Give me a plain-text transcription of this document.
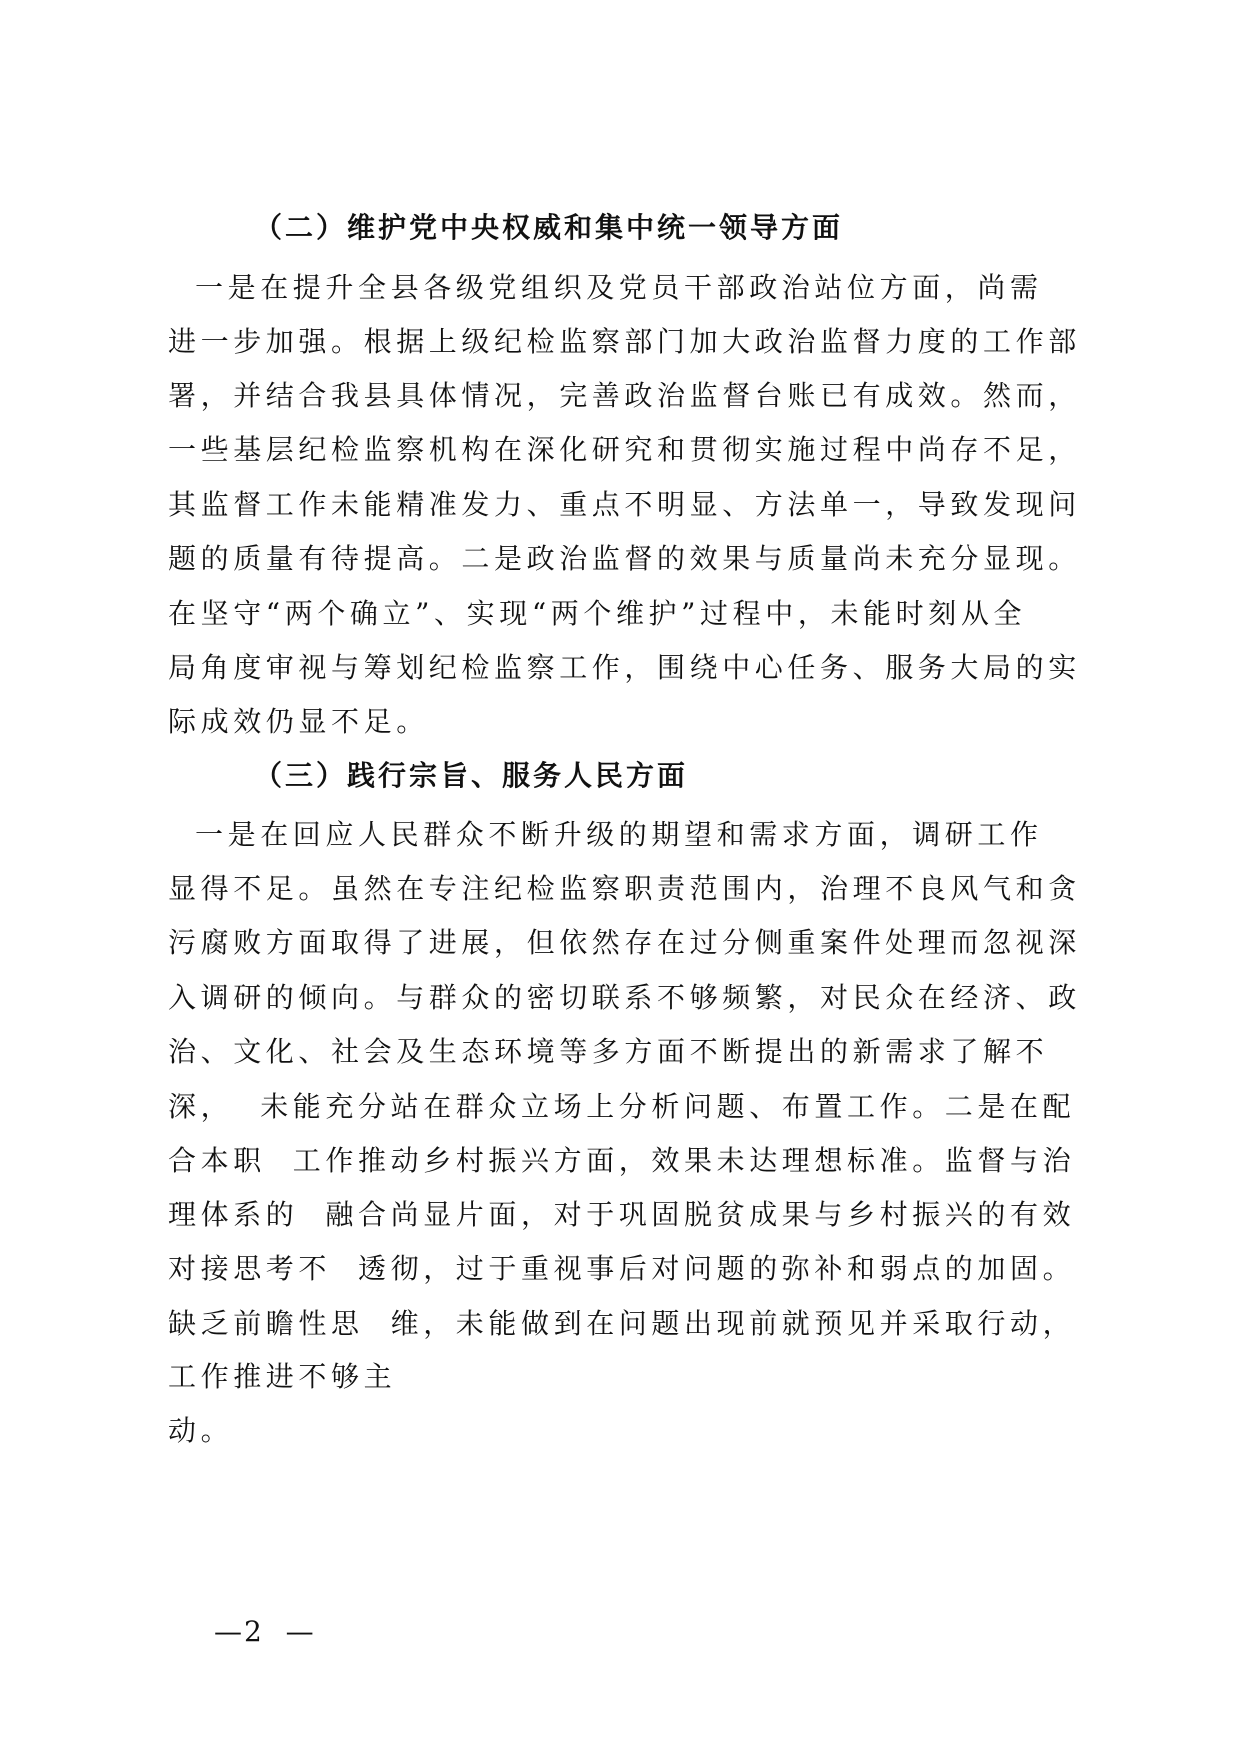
（二）维护党中央权威和集中统一领导方面
一是在提升全县各级党组织及党员干部政治站位方面，尚需
进一步加强。根据上级纪检监察部门加大政治监督力度的工作部
署，并结合我县具体情况，完善政治监督台账已有成效。然而，
一些基层纪检监察机构在深化研究和贯彻实施过程中尚存不足，
其监督工作未能精准发力、重点不明显、方法单一，导致发现问
题的质量有待提高。二是政治监督的效果与质量尚未充分显现。
在坚守“两个确立”、实现“两个维护”过程中，未能时刻从全
局角度审视与筹划纪检监察工作，围绕中心任务、服务大局的实
际成效仍显不足。
（三）践行宗旨、服务人民方面
一是在回应人民群众不断升级的期望和需求方面，调研工作
显得不足。虽然在专注纪检监察职责范围内，治理不良风气和贪
污腐败方面取得了进展，但依然存在过分侧重案件处理而忽视深
入调研的倾向。与群众的密切联系不够频繁，对民众在经济、政
治、文化、社会及生态环境等多方面不断提出的新需求了解不
深，  未能充分站在群众立场上分析问题、布置工作。二是在配
合本职  工作推动乡村振兴方面，效果未达理想标准。监督与治
理体系的  融合尚显片面，对于巩固脱贫成果与乡村振兴的有效
对接思考不  透彻，过于重视事后对问题的弥补和弱点的加固。
缺乏前瞻性思  维，未能做到在问题出现前就预见并采取行动，
工作推进不够主
动。
—2  —
